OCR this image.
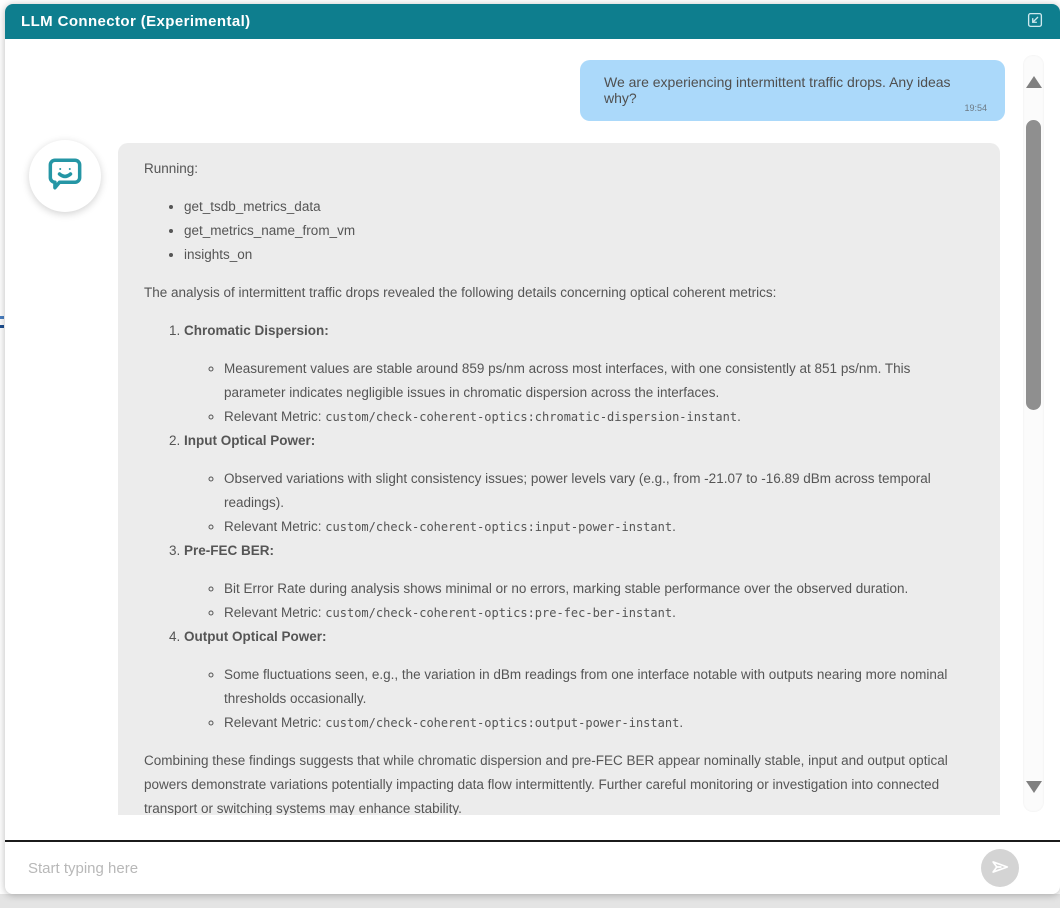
LLM Connector (Experimental)
We are experiencing intermittent traffic drops. Any ideas why?
19:54

Running:

• get_tsdb_metrics_data
• get_metrics_name_from_vm
• insights_on

The analysis of intermittent traffic drops revealed the following details concerning optical coherent metrics:

1. Chromatic Dispersion:
◦ Measurement values are stable around 859 ps/nm across most interfaces, with one consistently at 851 ps/nm. This parameter indicates negligible issues in chromatic dispersion across the interfaces.
◦ Relevant Metric: custom/check-coherent-optics:chromatic-dispersion-instant.
2. Input Optical Power:
◦ Observed variations with slight consistency issues; power levels vary (e.g., from -21.07 to -16.89 dBm across temporal readings).
◦ Relevant Metric: custom/check-coherent-optics:input-power-instant.
3. Pre-FEC BER:
◦ Bit Error Rate during analysis shows minimal or no errors, marking stable performance over the observed duration.
◦ Relevant Metric: custom/check-coherent-optics:pre-fec-ber-instant.
4. Output Optical Power:
◦ Some fluctuations seen, e.g., the variation in dBm readings from one interface notable with outputs nearing more nominal thresholds occasionally.
◦ Relevant Metric: custom/check-coherent-optics:output-power-instant.

Combining these findings suggests that while chromatic dispersion and pre-FEC BER appear nominally stable, input and output optical powers demonstrate variations potentially impacting data flow intermittently. Further careful monitoring or investigation into connected transport or switching systems may enhance stability.

Start typing here
